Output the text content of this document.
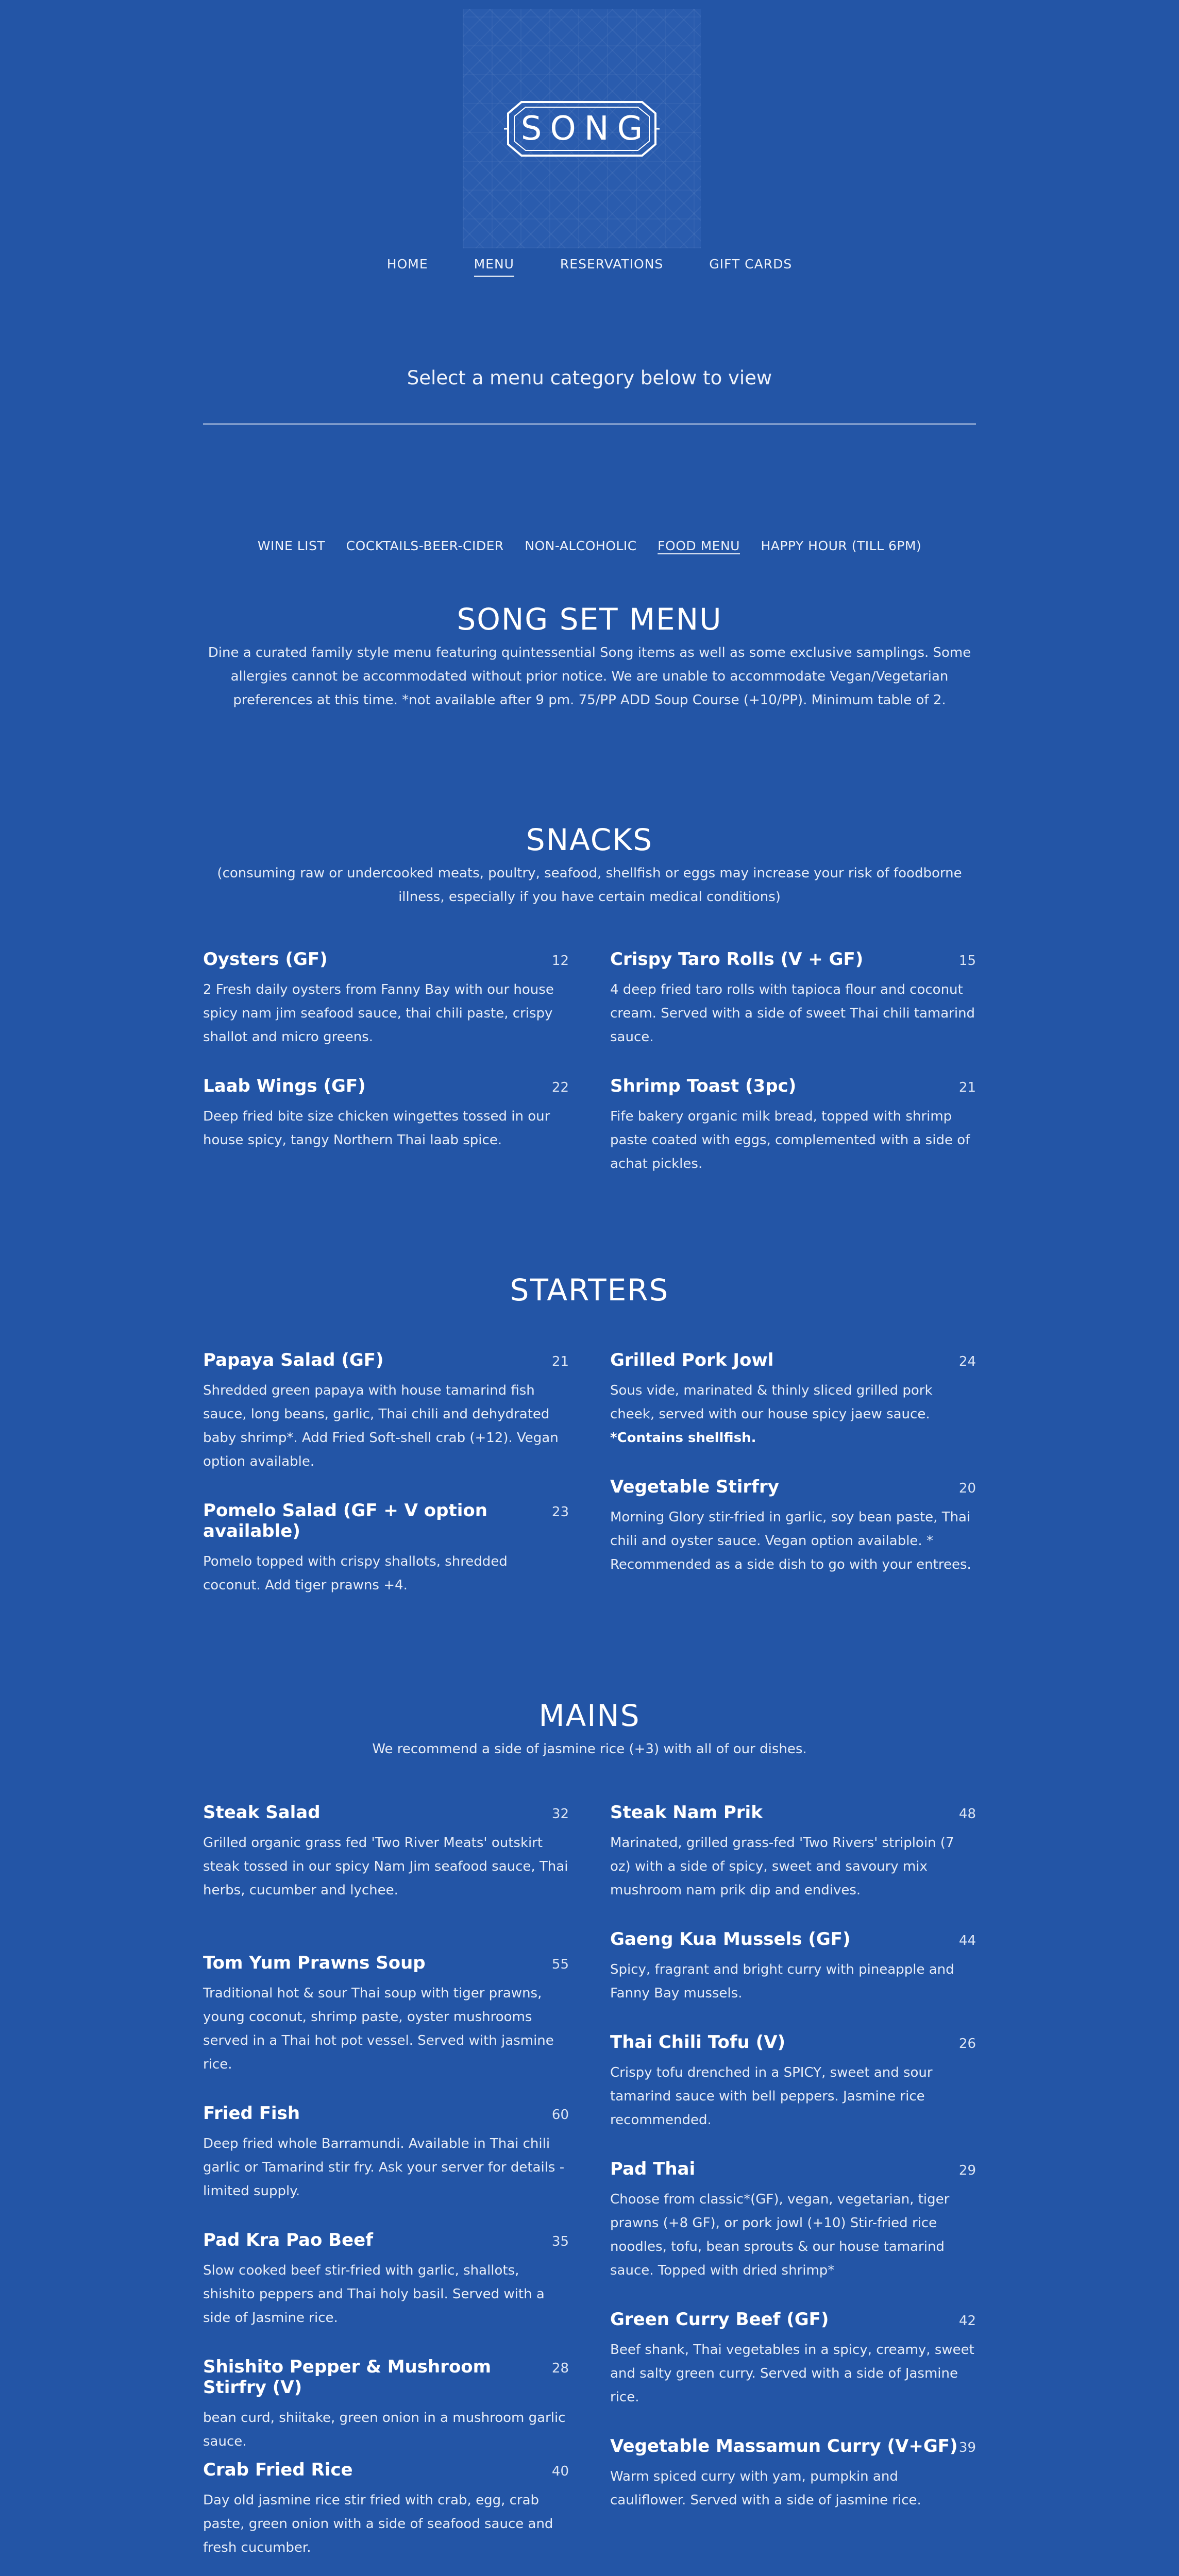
SONG
HOME	MENU	RESERVATIONS	GIFT CARDS
Select a menu category below to view
WINE LIST COCKTAILS-BEER-CIDER NON-ALCOHOLIC FOOD MENU HAPPY HOUR (TILL 6PM)
SONG SET MENU

Dine a curated family style menu featuring quintessential Song items as well as some exclusive samplings. Some allergies cannot be accommodated without prior notice. We are unable to accommodate Vegan/Vegetarian preferences at this time. *not available after 9 pm. 75/PP ADD Soup Course (+10/PP). Minimum table of 2.

SNACKS

(consuming raw or undercooked meats, poultry, seafood, shellfish or eggs may increase your risk of foodborne illness, especially if you have certain medical conditions)

Oysters (GF)	12
2 Fresh daily oysters from Fanny Bay with our house spicy nam jim seafood sauce, thai chili paste, crispy shallot and micro greens.
Laab Wings (GF)	22
Deep fried bite size chicken wingettes tossed in our house spicy, tangy Northern Thai laab spice.
Crispy Taro Rolls (V + GF)	15
4 deep fried taro rolls with tapioca flour and coconut cream. Served with a side of sweet Thai chili tamarind sauce.
Shrimp Toast (3pc)	21
Fife bakery organic milk bread, topped with shrimp paste coated with eggs, complemented with a side of achat pickles.
STARTERS
Papaya Salad (GF)	21
Shredded green papaya with house tamarind fish sauce, long beans, garlic, Thai chili and dehydrated baby shrimp*. Add Fried Soft-shell crab (+12). Vegan option available.
Pomelo Salad (GF + V option available)
23
Pomelo topped with crispy shallots, shredded coconut. Add tiger prawns +4.
Grilled Pork Jowl	24
Sous vide, marinated & thinly sliced grilled pork cheek, served with our house spicy jaew sauce.
*Contains shellfish.
Vegetable Stirfry	20
Morning Glory stir-fried in garlic, soy bean paste, Thai chili and oyster sauce. Vegan option available. * Recommended as a side dish to go with your entrees.
MAINS

We recommend a side of jasmine rice (+3) with all of our dishes.

Steak Salad	32
Grilled organic grass fed 'Two River Meats' outskirt steak tossed in our spicy Nam Jim seafood sauce, Thai herbs, cucumber and lychee.
Tom Yum Prawns Soup	55
Traditional hot & sour Thai soup with tiger prawns, young coconut, shrimp paste, oyster mushrooms served in a Thai hot pot vessel. Served with jasmine rice.
Fried Fish	60
Deep fried whole Barramundi. Available in Thai chili garlic or Tamarind stir fry. Ask your server for details - limited supply.
Pad Kra Pao Beef	35
Slow cooked beef stir-fried with garlic, shallots, shishito peppers and Thai holy basil. Served with a side of Jasmine rice.
Shishito Pepper & Mushroom Stirfry (V)
28
bean curd, shiitake, green onion in a mushroom garlic sauce.
Crab Fried Rice	40
Day old jasmine rice stir fried with crab, egg, crab paste, green onion with a side of seafood sauce and fresh cucumber.
Steak Nam Prik	48
Marinated, grilled grass-fed 'Two Rivers' striploin (7 oz) with a side of spicy, sweet and savoury mix mushroom nam prik dip and endives.
Gaeng Kua Mussels (GF)	44
Spicy, fragrant and bright curry with pineapple and Fanny Bay mussels.
Thai Chili Tofu (V)	26
Crispy tofu drenched in a SPICY, sweet and sour tamarind sauce with bell peppers. Jasmine rice recommended.
Pad Thai	29
Choose from classic*(GF), vegan, vegetarian, tiger prawns (+8 GF), or pork jowl (+10) Stir-fried rice noodles, tofu, bean sprouts & our house tamarind sauce. Topped with dried shrimp*
Green Curry Beef (GF)	42
Beef shank, Thai vegetables in a spicy, creamy, sweet and salty green curry. Served with a side of Jasmine rice.
Vegetable Massamun Curry (V+GF) 39
Warm spiced curry with yam, pumpkin and cauliflower. Served with a side of jasmine rice.
